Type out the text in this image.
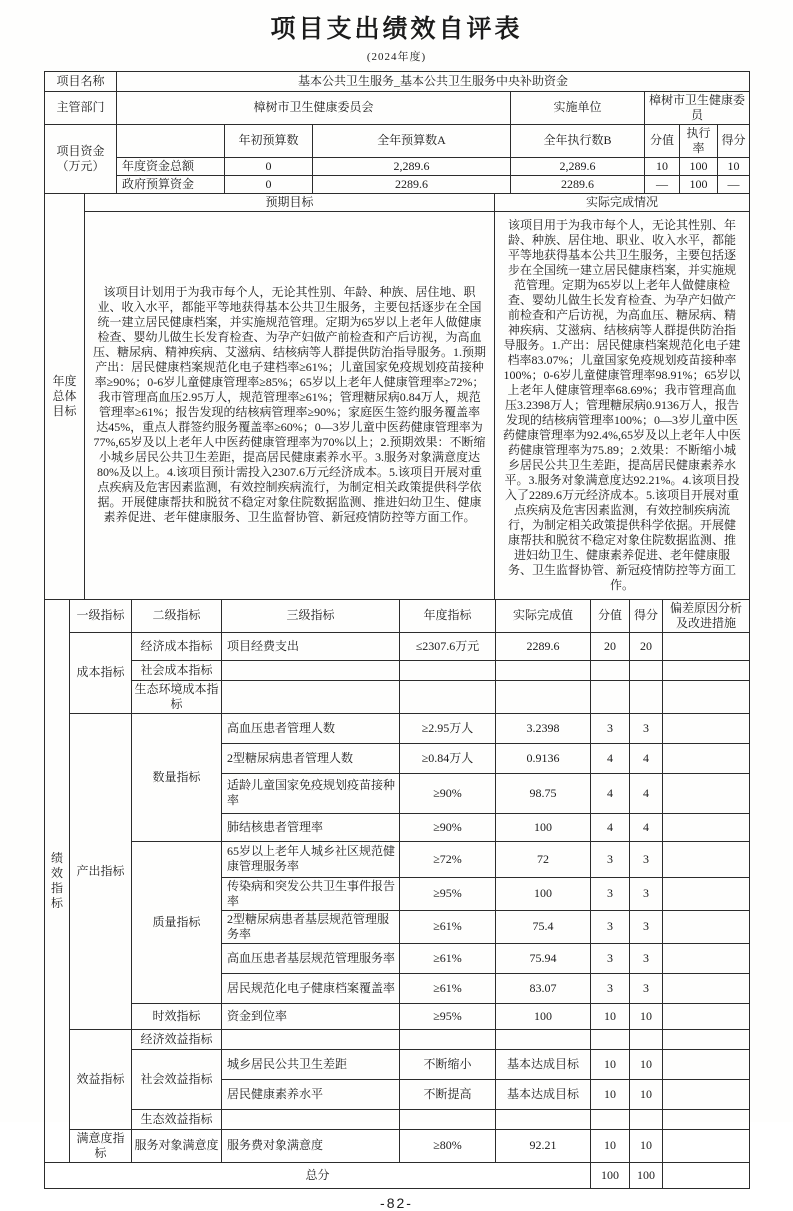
项目支出绩效自评表
(2024年度)
项目名称	基本公共卫生服务_基本公共卫生服务中央补助资金						
主管部门	樟树市卫生健康委员会			实施单位	樟树市卫生健康委员		
项目资金（万元）		年初预算数	全年预算数A	全年执行数B	分值	执行率	得分
	年度资金总额	0	2,289.6	2,289.6	10	100	10
	政府预算资金	0	2289.6	2289.6	—	100	—
年度总体目标	预期目标	实际完成情况
该项目计划用于为我市每个人，无论其性别、年龄、种族、居住地、职业、收入水平，都能平等地获得基本公共卫生服务，主要包括逐步在全国统一建立居民健康档案，并实施规范管理。定期为65岁以上老年人做健康检查、婴幼儿做生长发育检查、为孕产妇做产前检查和产后访视，为高血压、糖尿病、精神疾病、艾滋病、结核病等人群提供防治指导服务。1.预期产出：居民健康档案规范化电子建档率≥61%；儿童国家免疫规划疫苗接种率≥90%；0-6岁儿童健康管理率≥85%；65岁以上老年人健康管理率≥72%；我市管理高血压2.95万人，规范管理率≥61%；管理糖尿病0.84万人，规范管理率≥61%；报告发现的结核病管理率≥90%；家庭医生签约服务覆盖率达45%，重点人群签约服务覆盖率≥60%；0—3岁儿童中医药健康管理率为77%,65岁及以上老年人中医药健康管理率为70%以上；2.预期效果：不断缩小城乡居民公共卫生差距，提高居民健康素养水平。3.服务对象满意度达80%及以上。4.该项目预计需投入2307.6万元经济成本。5.该项目开展对重点疾病及危害因素监测，有效控制疾病流行，为制定相关政策提供科学依据。开展健康帮扶和脱贫不稳定对象住院数据监测、推进妇幼卫生、健康素养促进、老年健康服务、卫生监督协管、新冠疫情防控等方面工作。	该项目用于为我市每个人，无论其性别、年龄、种族、居住地、职业、收入水平，都能平等地获得基本公共卫生服务，主要包括逐步在全国统一建立居民健康档案，并实施规范管理。定期为65岁以上老年人做健康检查、婴幼儿做生长发育检查、为孕产妇做产前检查和产后访视，为高血压、糖尿病、精神疾病、艾滋病、结核病等人群提供防治指导服务。1.产出：居民健康档案规范化电子建档率83.07%；儿童国家免疫规划疫苗接种率100%；0-6岁儿童健康管理率98.91%；65岁以上老年人健康管理率68.69%；我市管理高血压3.2398万人；管理糖尿病0.9136万人，报告发现的结核病管理率100%；0—3岁儿童中医药健康管理率为92.4%,65岁及以上老年人中医药健康管理率为75.89；2.效果：不断缩小城乡居民公共卫生差距，提高居民健康素养水平。3.服务对象满意度达92.21%。4.该项目投入了2289.6万元经济成本。5.该项目开展对重点疾病及危害因素监测，有效控制疾病流行，为制定相关政策提供科学依据。开展健康帮扶和脱贫不稳定对象住院数据监测、推进妇幼卫生、健康素养促进、老年健康服务、卫生监督协管、新冠疫情防控等方面工作。
绩效指标	一级指标	二级指标	三级指标	年度指标	实际完成值	分值	得分	偏差原因分析及改进措施
	成本指标	经济成本指标	项目经费支出	≤2307.6万元	2289.6	20	20	
		社会成本指标						
		生态环境成本指标						
	产出指标	数量指标	高血压患者管理人数	≥2.95万人	3.2398	3	3	
			2型糖尿病患者管理人数	≥0.84万人	0.9136	4	4	
			适龄儿童国家免疫规划疫苗接种率	≥90%	98.75	4	4	
			肺结核患者管理率	≥90%	100	4	4	
		质量指标	65岁以上老年人城乡社区规范健康管理服务率	≥72%	72	3	3	
			传染病和突发公共卫生事件报告率	≥95%	100	3	3	
			2型糖尿病患者基层规范管理服务率	≥61%	75.4	3	3	
			高血压患者基层规范管理服务率	≥61%	75.94	3	3	
			居民规范化电子健康档案覆盖率	≥61%	83.07	3	3	
		时效指标	资金到位率	≥95%	100	10	10	
	效益指标	经济效益指标						
		社会效益指标	城乡居民公共卫生差距	不断缩小	基本达成目标	10	10	
			居民健康素养水平	不断提高	基本达成目标	10	10	
		生态效益指标						
	满意度指标	服务对象满意度	服务费对象满意度	≥80%	92.21	10	10	
总分						100	100	
-82-
